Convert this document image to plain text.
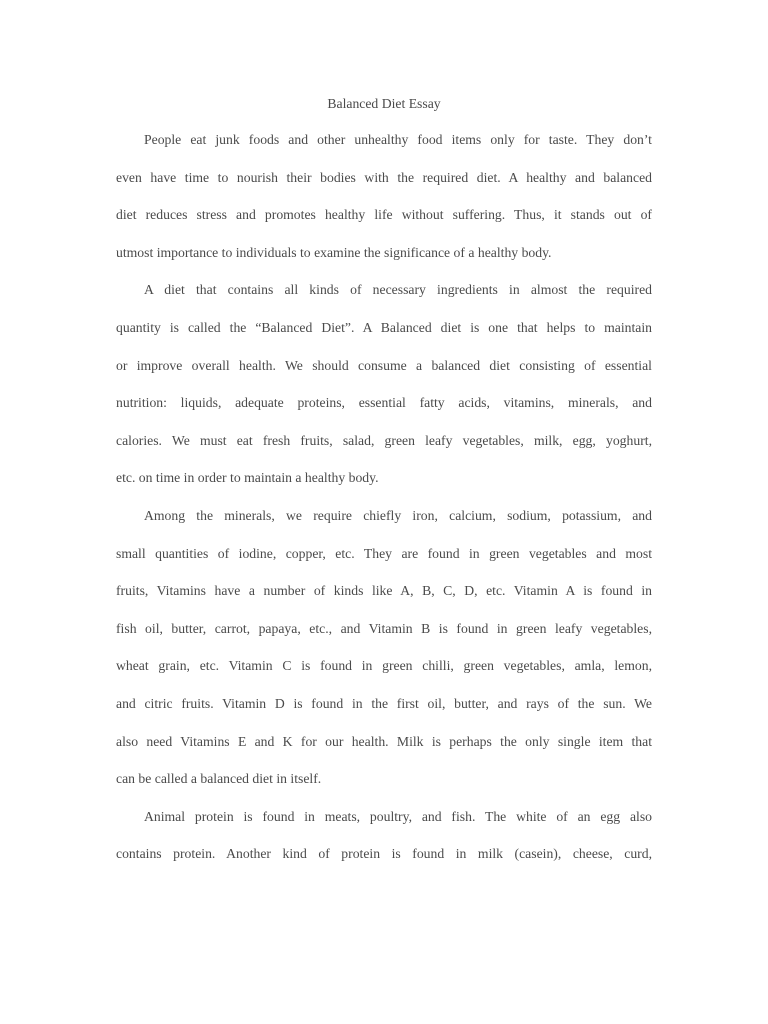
Balanced Diet Essay
People eat junk foods and other unhealthy food items only for taste. They don’t
even have time to nourish their bodies with the required diet. A healthy and balanced
diet reduces stress and promotes healthy life without suffering. Thus, it stands out of
utmost importance to individuals to examine the significance of a healthy body.
A diet that contains all kinds of necessary ingredients in almost the required
quantity is called the “Balanced Diet”. A Balanced diet is one that helps to maintain
or improve overall health. We should consume a balanced diet consisting of essential
nutrition: liquids, adequate proteins, essential fatty acids, vitamins, minerals, and
calories. We must eat fresh fruits, salad, green leafy vegetables, milk, egg, yoghurt,
etc. on time in order to maintain a healthy body.
Among the minerals, we require chiefly iron, calcium, sodium, potassium, and
small quantities of iodine, copper, etc. They are found in green vegetables and most
fruits, Vitamins have a number of kinds like A, B, C, D, etc. Vitamin A is found in
fish oil, butter, carrot, papaya, etc., and Vitamin B is found in green leafy vegetables,
wheat grain, etc. Vitamin C is found in green chilli, green vegetables, amla, lemon,
and citric fruits. Vitamin D is found in the first oil, butter, and rays of the sun. We
also need Vitamins E and K for our health. Milk is perhaps the only single item that
can be called a balanced diet in itself.
Animal protein is found in meats, poultry, and fish. The white of an egg also
contains protein. Another kind of protein is found in milk (casein), cheese, curd,
